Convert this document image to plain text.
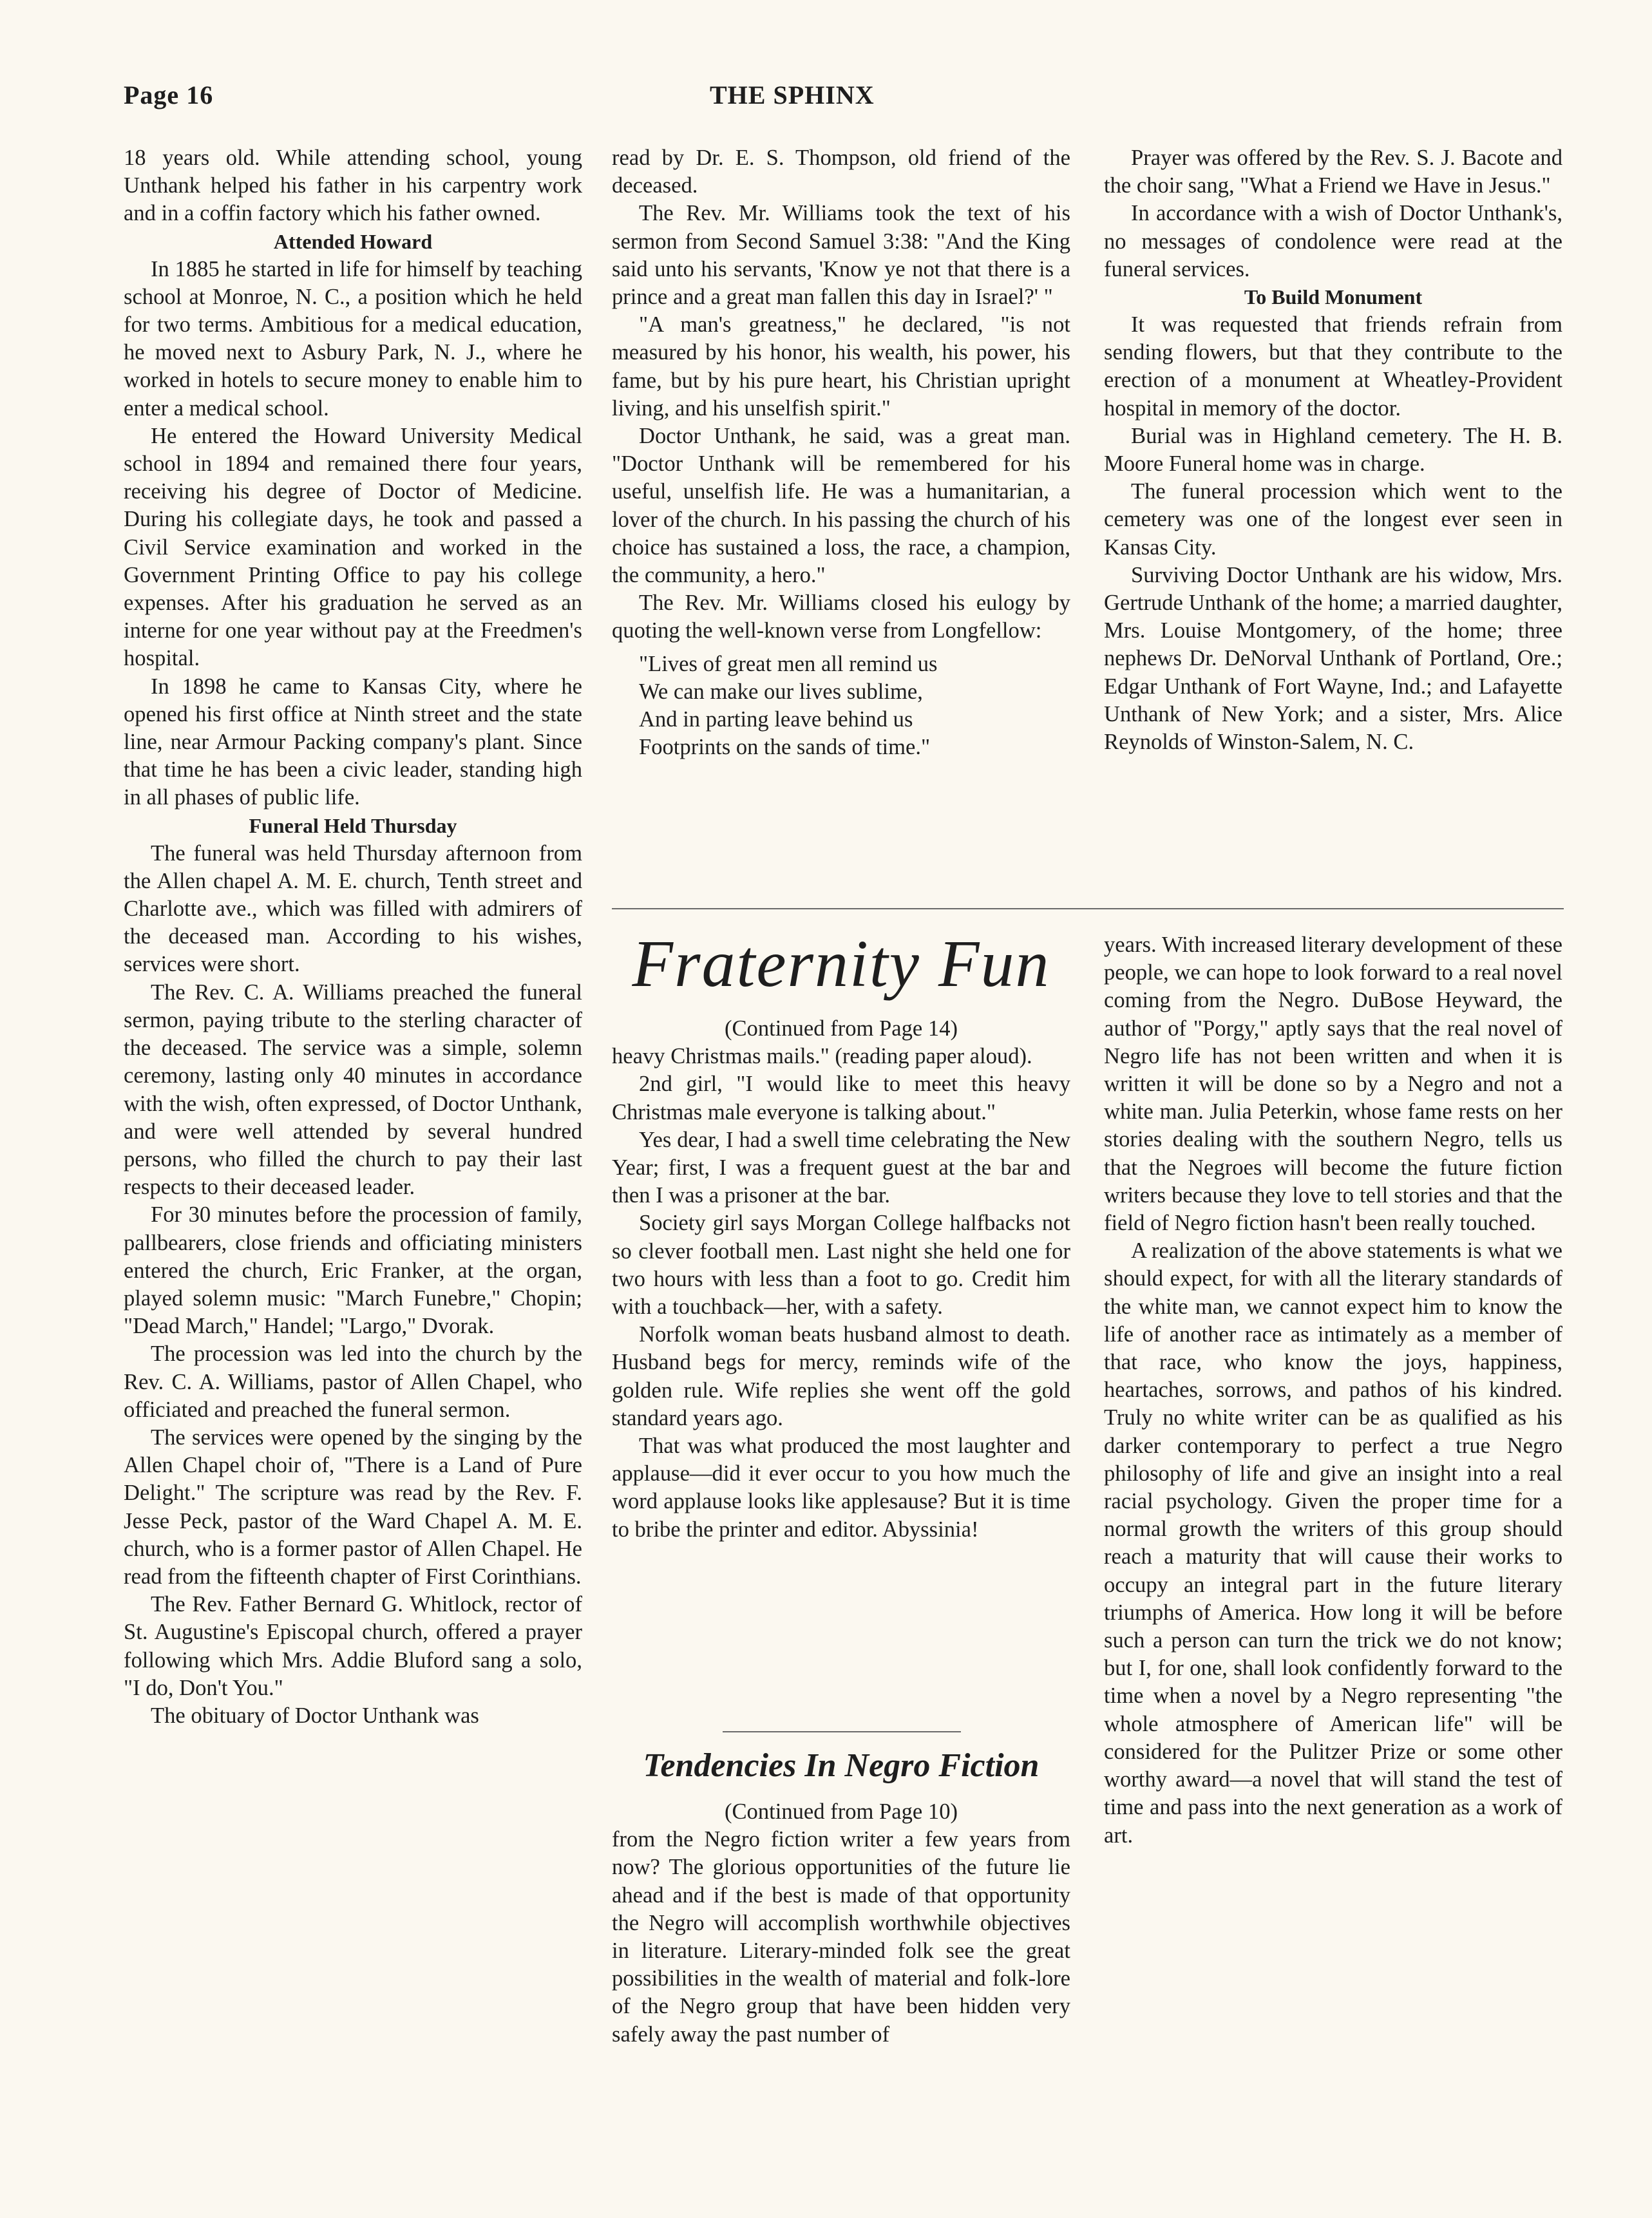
Page 16	THE SPHINX

18 years old. While attending school, young Unthank helped his father in his carpentry work and in a coffin factory which his father owned.

Attended Howard

In 1885 he started in life for himself by teaching school at Monroe, N. C., a position which he held for two terms. Ambitious for a medical education, he moved next to Asbury Park, N. J., where he worked in hotels to secure money to enable him to enter a medical school.

He entered the Howard University Medical school in 1894 and remained there four years, receiving his degree of Doctor of Medicine. During his collegiate days, he took and passed a Civil Service examination and worked in the Government Printing Office to pay his college expenses. After his graduation he served as an interne for one year without pay at the Freedmen's hospital.

In 1898 he came to Kansas City, where he opened his first office at Ninth street and the state line, near Armour Packing company's plant. Since that time he has been a civic leader, standing high in all phases of public life.

Funeral Held Thursday

The funeral was held Thursday afternoon from the Allen chapel A. M. E. church, Tenth street and Charlotte ave., which was filled with admirers of the deceased man. According to his wishes, services were short.

The Rev. C. A. Williams preached the funeral sermon, paying tribute to the sterling character of the deceased. The service was a simple, solemn ceremony, lasting only 40 minutes in accordance with the wish, often expressed, of Doctor Unthank, and were well attended by several hundred persons, who filled the church to pay their last respects to their deceased leader.

For 30 minutes before the procession of family, pallbearers, close friends and officiating ministers entered the church, Eric Franker, at the organ, played solemn music: "March Funebre," Chopin; "Dead March," Handel; "Largo," Dvorak.

The procession was led into the church by the Rev. C. A. Williams, pastor of Allen Chapel, who officiated and preached the funeral sermon.

The services were opened by the singing by the Allen Chapel choir of, "There is a Land of Pure Delight." The scripture was read by the Rev. F. Jesse Peck, pastor of the Ward Chapel A. M. E. church, who is a former pastor of Allen Chapel. He read from the fifteenth chapter of First Corinthians.

The Rev. Father Bernard G. Whitlock, rector of St. Augustine's Episcopal church, offered a prayer following which Mrs. Addie Bluford sang a solo, "I do, Don't You."

The obituary of Doctor Unthank was

read by Dr. E. S. Thompson, old friend of the deceased.

The Rev. Mr. Williams took the text of his sermon from Second Samuel 3:38: "And the King said unto his servants, 'Know ye not that there is a prince and a great man fallen this day in Israel?' "

"A man's greatness," he declared, "is not measured by his honor, his wealth, his power, his fame, but by his pure heart, his Christian upright living, and his unselfish spirit."

Doctor Unthank, he said, was a great man. "Doctor Unthank will be remembered for his useful, unselfish life. He was a humanitarian, a lover of the church. In his passing the church of his choice has sustained a loss, the race, a champion, the community, a hero."

The Rev. Mr. Williams closed his eulogy by quoting the well-known verse from Longfellow:

"Lives of great men all remind us
We can make our lives sublime,
And in parting leave behind us
Footprints on the sands of time."

Prayer was offered by the Rev. S. J. Bacote and the choir sang, "What a Friend we Have in Jesus."

In accordance with a wish of Doctor Unthank's, no messages of condolence were read at the funeral services.

To Build Monument

It was requested that friends refrain from sending flowers, but that they contribute to the erection of a monument at Wheatley-Provident hospital in memory of the doctor.

Burial was in Highland cemetery. The H. B. Moore Funeral home was in charge.

The funeral procession which went to the cemetery was one of the longest ever seen in Kansas City.

Surviving Doctor Unthank are his widow, Mrs. Gertrude Unthank of the home; a married daughter, Mrs. Louise Montgomery, of the home; three nephews Dr. DeNorval Unthank of Portland, Ore.; Edgar Unthank of Fort Wayne, Ind.; and Lafayette Unthank of New York; and a sister, Mrs. Alice Reynolds of Winston-Salem, N. C.

Fraternity Fun

(Continued from Page 14)

heavy Christmas mails." (reading paper aloud).

2nd girl, "I would like to meet this heavy Christmas male everyone is talking about."

Yes dear, I had a swell time celebrating the New Year; first, I was a frequent guest at the bar and then I was a prisoner at the bar.

Society girl says Morgan College halfbacks not so clever football men. Last night she held one for two hours with less than a foot to go. Credit him with a touchback—her, with a safety.

Norfolk woman beats husband almost to death. Husband begs for mercy, reminds wife of the golden rule. Wife replies she went off the gold standard years ago.

That was what produced the most laughter and applause—did it ever occur to you how much the word applause looks like applesause? But it is time to bribe the printer and editor. Abyssinia!

Tendencies In Negro Fiction

(Continued from Page 10)

from the Negro fiction writer a few years from now? The glorious opportunities of the future lie ahead and if the best is made of that opportunity the Negro will accomplish worthwhile objectives in literature. Literary-minded folk see the great possibilities in the wealth of material and folk-lore of the Negro group that have been hidden very safely away the past number of

years. With increased literary development of these people, we can hope to look forward to a real novel coming from the Negro. DuBose Heyward, the author of "Porgy," aptly says that the real novel of Negro life has not been written and when it is written it will be done so by a Negro and not a white man. Julia Peterkin, whose fame rests on her stories dealing with the southern Negro, tells us that the Negroes will become the future fiction writers because they love to tell stories and that the field of Negro fiction hasn't been really touched.

A realization of the above statements is what we should expect, for with all the literary standards of the white man, we cannot expect him to know the life of another race as intimately as a member of that race, who know the joys, happiness, heartaches, sorrows, and pathos of his kindred. Truly no white writer can be as qualified as his darker contemporary to perfect a true Negro philosophy of life and give an insight into a real racial psychology. Given the proper time for a normal growth the writers of this group should reach a maturity that will cause their works to occupy an integral part in the future literary triumphs of America. How long it will be before such a person can turn the trick we do not know; but I, for one, shall look confidently forward to the time when a novel by a Negro representing "the whole atmosphere of American life" will be considered for the Pulitzer Prize or some other worthy award—a novel that will stand the test of time and pass into the next generation as a work of art.
